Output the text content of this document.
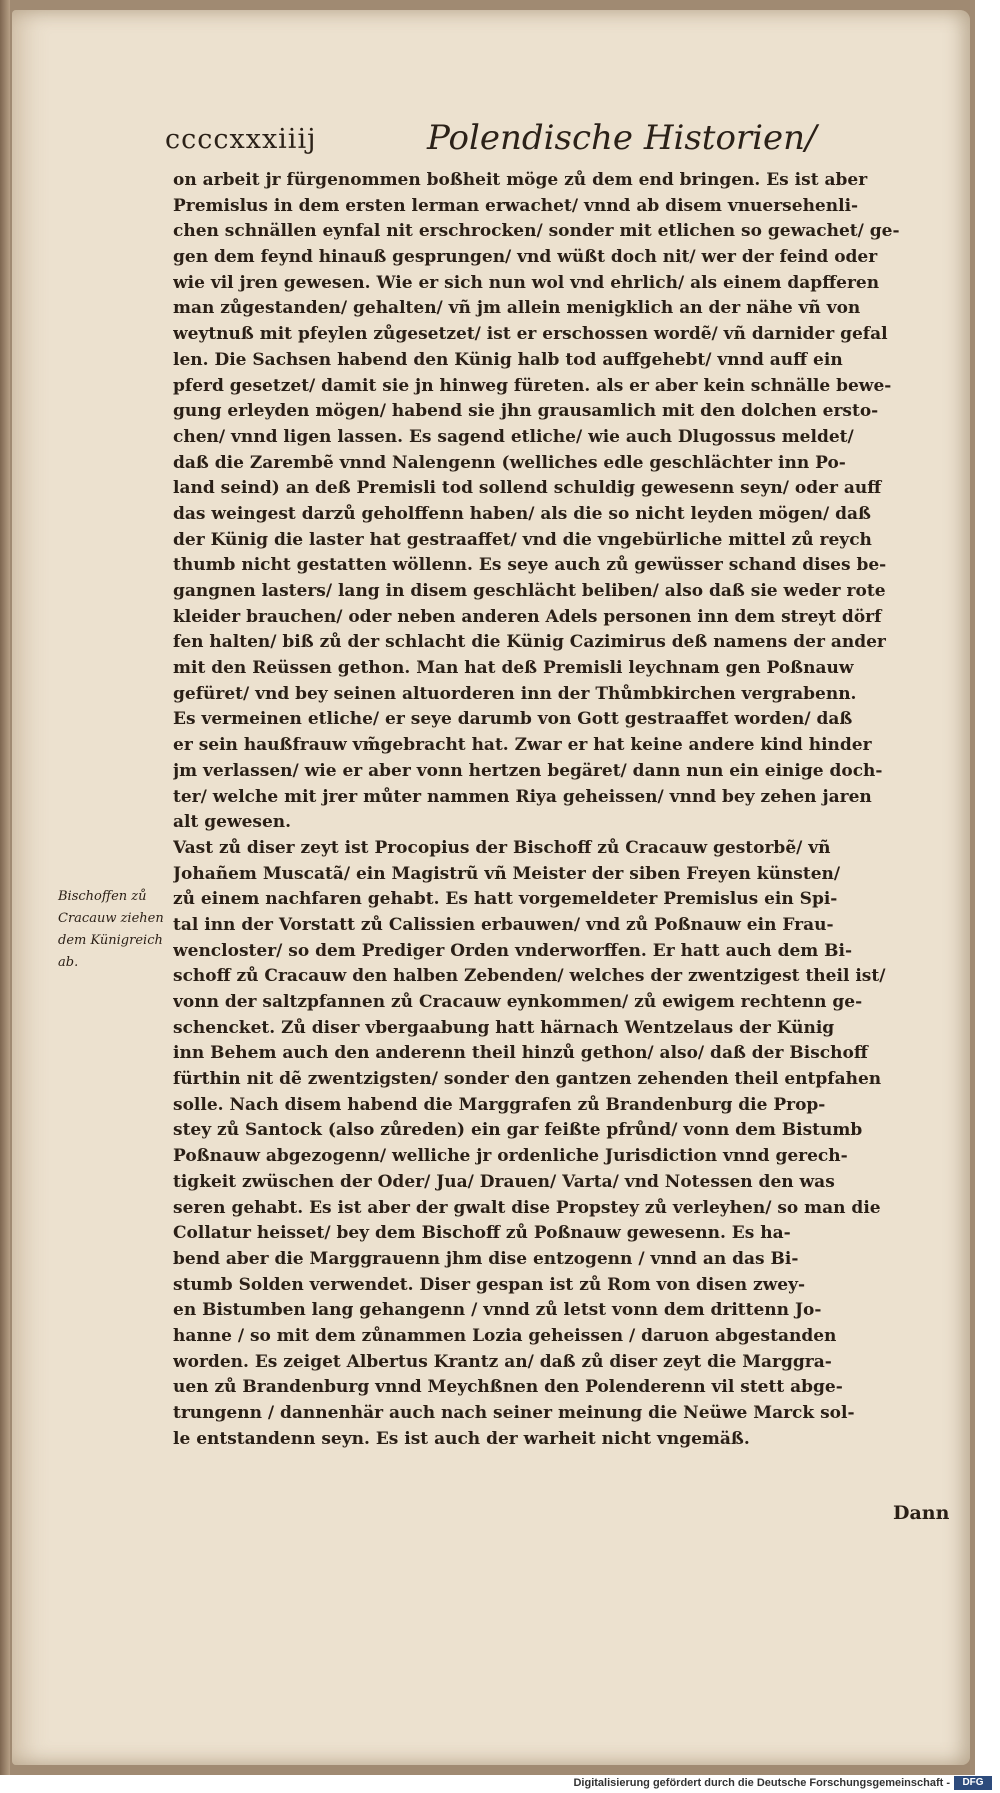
ccccxxxiiij	Polendische Historien/
on arbeit jr fürgenommen boßheit möge zů dem end bringen. Es ist aber
Premislus in dem ersten lerman erwachet/ vnnd ab disem vnuersehenli-
chen schnällen eynfal nit erschrocken/ sonder mit etlichen so gewachet/ ge-
gen dem feynd hinauß gesprungen/ vnd wüßt doch nit/ wer der feind oder
wie vil jren gewesen. Wie er sich nun wol vnd ehrlich/ als einem dapfferen
man zůgestanden/ gehalten/ vñ jm allein menigklich an der nähe vñ von
weytnuß mit pfeylen zůgesetzet/ ist er erschossen wordẽ/ vñ darnider gefal
len. Die Sachsen habend den Künig halb tod auffgehebt/ vnnd auff ein
pferd gesetzet/ damit sie jn hinweg füreten. als er aber kein schnälle bewe-
gung erleyden mögen/ habend sie jhn grausamlich mit den dolchen ersto-
chen/ vnnd ligen lassen. Es sagend etliche/ wie auch Dlugossus meldet/
daß die Zarembẽ vnnd Nalengenn (welliches edle geschlächter inn Po-
land seind) an deß Premisli tod sollend schuldig gewesenn seyn/ oder auff
das weingest darzů geholffenn haben/ als die so nicht leyden mögen/ daß
der Künig die laster hat gestraaffet/ vnd die vngebürliche mittel zů reych
thumb nicht gestatten wöllenn. Es seye auch zů gewüsser schand dises be-
gangnen lasters/ lang in disem geschlächt beliben/ also daß sie weder rote
kleider brauchen/ oder neben anderen Adels personen inn dem streyt dörf
fen halten/ biß zů der schlacht die Künig Cazimirus deß namens der ander
mit den Reüssen gethon. Man hat deß Premisli leychnam gen Poßnauw
gefüret/ vnd bey seinen altuorderen inn der Thůmbkirchen vergrabenn.
Es vermeinen etliche/ er seye darumb von Gott gestraaffet worden/ daß
er sein haußfrauw vm̃gebracht hat. Zwar er hat keine andere kind hinder
jm verlassen/ wie er aber vonn hertzen begäret/ dann nun ein einige doch-
ter/ welche mit jrer můter nammen Riya geheissen/ vnnd bey zehen jaren
alt gewesen.
Vast zů diser zeyt ist Procopius der Bischoff zů Cracauw gestorbẽ/ vñ
Johañem Muscatã/ ein Magistrũ vñ Meister der siben Freyen künsten/
zů einem nachfaren gehabt. Es hatt vorgemeldeter Premislus ein Spi-
tal inn der Vorstatt zů Calissien erbauwen/ vnd zů Poßnauw ein Frau-
wencloster/ so dem Prediger Orden vnderworffen. Er hatt auch dem Bi-
schoff zů Cracauw den halben Zebenden/ welches der zwentzigest theil ist/
vonn der saltzpfannen zů Cracauw eynkommen/ zů ewigem rechtenn ge-
schencket. Zů diser vbergaabung hatt härnach Wentzelaus der Künig
inn Behem auch den anderenn theil hinzů gethon/ also/ daß der Bischoff
fürthin nit dẽ zwentzigsten/ sonder den gantzen zehenden theil entpfahen
solle. Nach disem habend die Marggrafen zů Brandenburg die Prop-
stey zů Santock (also zůreden) ein gar feißte pfrůnd/ vonn dem Bistumb
Poßnauw abgezogenn/ welliche jr ordenliche Jurisdiction vnnd gerech-
tigkeit zwüschen der Oder/ Jua/ Drauen/ Varta/ vnd Notessen den was
seren gehabt. Es ist aber der gwalt dise Propstey zů verleyhen/ so man die
Collatur heisset/ bey dem Bischoff zů Poßnauw gewesenn. Es ha-
bend aber die Marggrauenn jhm dise entzogenn / vnnd an das Bi-
stumb Solden verwendet. Diser gespan ist zů Rom von disen zwey-
en Bistumben lang gehangenn / vnnd zů letst vonn dem drittenn Jo-
hanne / so mit dem zůnammen Lozia geheissen / daruon abgestanden
worden. Es zeiget Albertus Krantz an/ daß zů diser zeyt die Marggra-
uen zů Brandenburg vnnd Meychßnen den Polenderenn vil stett abge-
trungenn / dannenhär auch nach seiner meinung die Neüwe Marck sol-
le entstandenn seyn. Es ist auch der warheit nicht vngemäß.
Bischoffen zů
Cracauw ziehen
dem Künigreich
ab.
Dann
Digitalisierung gefördert durch die Deutsche Forschungsgemeinschaft -	DFG
